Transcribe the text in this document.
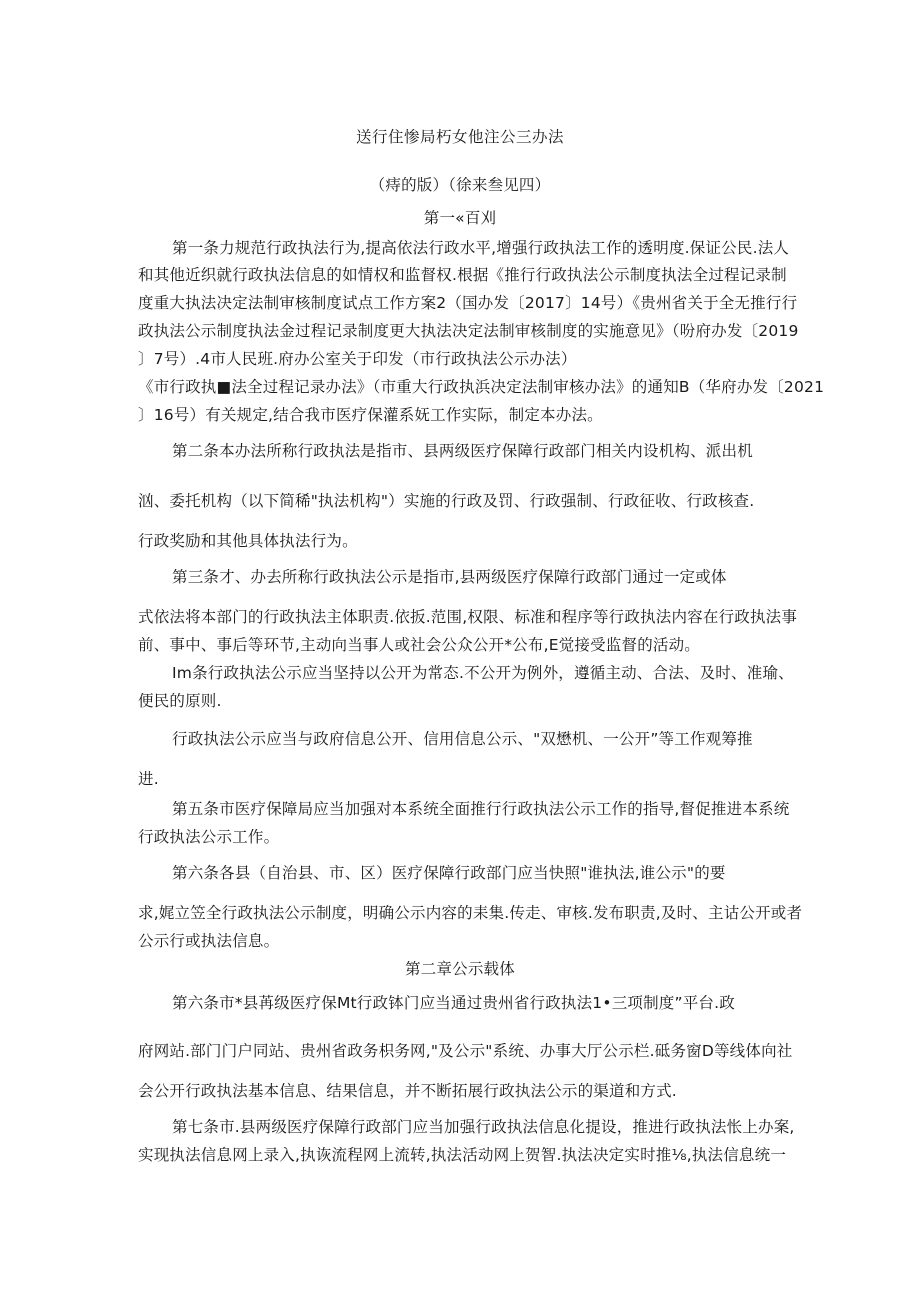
送行住惨局朽女他注公三办法
（痔的版）（徐来叁见四）
第一«百刈
第一条力规范行政执法行为,提高依法行政水平,增强行政执法工作的透明度.保证公民.法人
和其他近织就行政执法信息的如情权和监督权.根据《推行行政执法公示制度执法全过程记录制
度重大执法决定法制审核制度试点工作方案2（国办发〔2017〕14号）《贵州省关于全无推行行
政执法公示制度执法金过程记录制度更大执法决定法制审核制度的实施意见》（吩府办发〔2019
〕7号）.4市人民班.府办公室关于印发（市行政执法公示办法）
《市行政执■法全过程记录办法》（市重大行政执浜决定法制审核办法》的通知B（华府办发〔2021
〕16号）有关规定,结合我市医疗保灌系妩工作实际，制定本办法。
第二条本办法所称行政执法是指市、县两级医疗保障行政部门相关内设机构、派出机
汹、委托机构（以下简稀"执法机构"）实施的行政及罚、行政强制、行政征收、行政核查.
行政奖励和其他具体执法行为。
第三条才、办去所称行政执法公示是指市,县两级医疗保障行政部门通过一定或体
式依法将本部门的行政执法主体职责.依扳.范围,权限、标准和程序等行政执法内容在行政执法事
前、事中、事后等环节,主动向当事人或社会公众公开*公布,E觉接受监督的活动。
Im条行政执法公示应当坚持以公开为常态.不公开为例外，遵循主动、合法、及时、准瑜、
便民的原则.
行政执法公示应当与政府信息公开、信用信息公示、"双懋机、一公开”等工作观筹推
进.
第五条市医疗保障局应当加强对本系统全面推行行政执法公示工作的指导,督促推进本系统
行政执法公示工作。
第六条各县（自治县、市、区）医疗保障行政部门应当快照"谁执法,谁公示"的要
求,娓立笠全行政执法公示制度，明确公示内容的耒集.传走、审核.发布职责,及时、主诂公开或者
公示行或执法信息。
第二章公示载体
第六条市*县苒级医疗保Mt行政钵门应当通过贵州省行政执法1•三项制度”平台.政
府网站.部门门户同站、贵州省政务枳务网,"及公示"系统、办事大厅公示栏.砥务窗D等线体向社
会公开行政执法基本信息、结果信息，并不断拓展行政执法公示的渠道和方式.
第七条市.县两级医疗保障行政部门应当加强行政执法信息化提设，推进行政执法怅上办案,
实现执法信息网上录入,执诙流程网上流转,执法活动网上贺智.执法决定实时推⅛,执法信息统一
